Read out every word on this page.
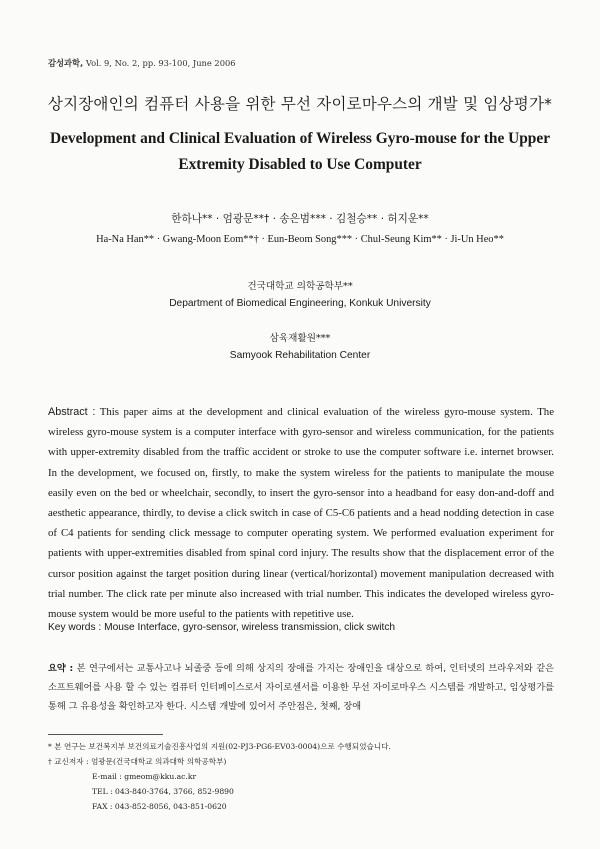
감성과학, Vol. 9, No. 2, pp. 93-100, June 2006
상지장애인의 컴퓨터 사용을 위한 무선 자이로마우스의 개발 및 임상평가*
Development and Clinical Evaluation of Wireless Gyro-mouse for the Upper Extremity Disabled to Use Computer
한하나** · 엄광문**† · 송은범*** · 김철승** · 허지운**
Ha-Na Han** · Gwang-Moon Eom**† · Eun-Beom Song*** · Chul-Seung Kim** · Ji-Un Heo**
건국대학교 의학공학부**
Department of Biomedical Engineering, Konkuk University
삼육재활원***
Samyook Rehabilitation Center
Abstract : This paper aims at the development and clinical evaluation of the wireless gyro-mouse system. The wireless gyro-mouse system is a computer interface with gyro-sensor and wireless communication, for the patients with upper-extremity disabled from the traffic accident or stroke to use the computer software i.e. internet browser. In the development, we focused on, firstly, to make the system wireless for the patients to manipulate the mouse easily even on the bed or wheelchair, secondly, to insert the gyro-sensor into a headband for easy don-and-doff and aesthetic appearance, thirdly, to devise a click switch in case of C5-C6 patients and a head nodding detection in case of C4 patients for sending click message to computer operating system. We performed evaluation experiment for patients with upper-extremities disabled from spinal cord injury. The results show that the displacement error of the cursor position against the target position during linear (vertical/horizontal) movement manipulation decreased with trial number. The click rate per minute also increased with trial number. This indicates the developed wireless gyro-mouse system would be more useful to the patients with repetitive use.
Key words : Mouse Interface, gyro-sensor, wireless transmission, click switch
요약 : 본 연구에서는 교통사고나 뇌졸중 등에 의해 상지의 장애를 가지는 장애인을 대상으로 하여, 인터넷의 브라우저와 같은 소프트웨어를 사용 할 수 있는 컴퓨터 인터페이스로서 자이로센서를 이용한 무선 자이로마우스 시스템를 개발하고, 임상평가를 통해 그 유용성을 확인하고자 한다. 시스템 개발에 있어서 주안점은, 첫째, 장애
* 본 연구는 보건복지부 보건의료기술진흥사업의 지원(02-PJ3-PG6-EV03-0004)으로 수행되었습니다.
† 교신저자 : 엄광문(건국대학교 의과대학 의학공학부)
E-mail : gmeom@kku.ac.kr
TEL : 043-840-3764, 3766, 852-9890
FAX : 043-852-8056, 043-851-0620
